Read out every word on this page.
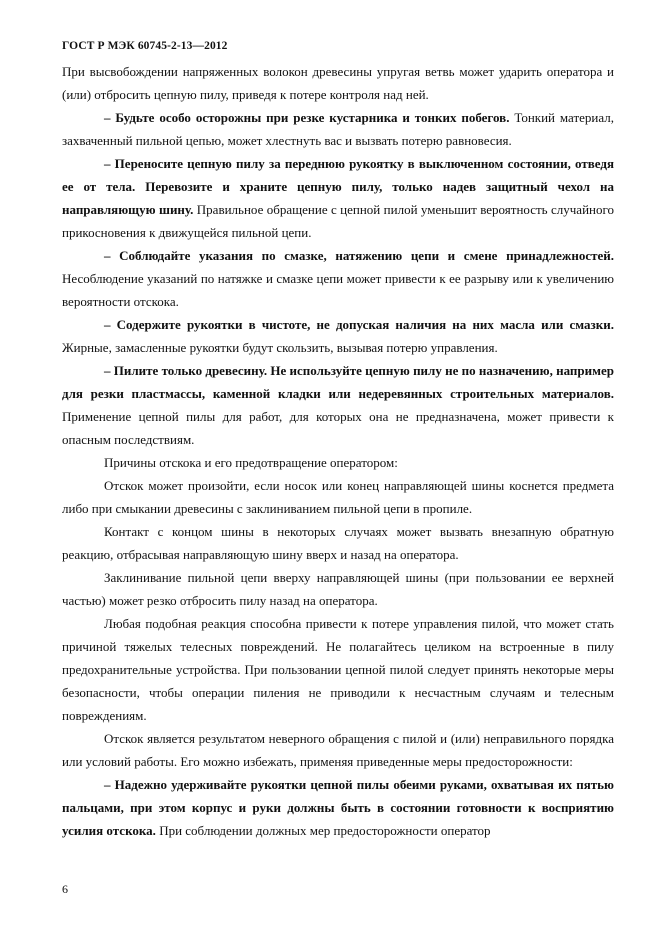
ГОСТ Р МЭК 60745-2-13—2012

При высвобождении напряженных волокон древесины упругая ветвь может ударить оператора и (или) отбросить цепную пилу, приведя к потере контроля над ней.

– Будьте особо осторожны при резке кустарника и тонких побегов. Тонкий материал, захваченный пильной цепью, может хлестнуть вас и вызвать потерю равновесия.

– Переносите цепную пилу за переднюю рукоятку в выключенном состоянии, отведя ее от тела. Перевозите и храните цепную пилу, только надев защитный чехол на направляющую шину. Правильное обращение с цепной пилой уменьшит вероятность случайного прикосновения к движущейся пильной цепи.

– Соблюдайте указания по смазке, натяжению цепи и смене принадлежностей. Несоблюдение указаний по натяжке и смазке цепи может привести к ее разрыву или к увеличению вероятности отскока.

– Содержите рукоятки в чистоте, не допуская наличия на них масла или смазки. Жирные, замасленные рукоятки будут скользить, вызывая потерю управления.

– Пилите только древесину. Не используйте цепную пилу не по назначению, например для резки пластмассы, каменной кладки или недеревянных строительных материалов. Применение цепной пилы для работ, для которых она не предназначена, может привести к опасным последствиям.

Причины отскока и его предотвращение оператором:

Отскок может произойти, если носок или конец направляющей шины коснется предмета либо при смыкании древесины с заклиниванием пильной цепи в пропиле.

Контакт с концом шины в некоторых случаях может вызвать внезапную обратную реакцию, отбрасывая направляющую шину вверх и назад на оператора.

Заклинивание пильной цепи вверху направляющей шины (при пользовании ее верхней частью) может резко отбросить пилу назад на оператора.

Любая подобная реакция способна привести к потере управления пилой, что может стать причиной тяжелых телесных повреждений. Не полагайтесь целиком на встроенные в пилу предохранительные устройства. При пользовании цепной пилой следует принять некоторые меры безопасности, чтобы операции пиления не приводили к несчастным случаям и телесным повреждениям.

Отскок является результатом неверного обращения с пилой и (или) неправильного порядка или условий работы. Его можно избежать, применяя приведенные меры предосторожности:

– Надежно удерживайте рукоятки цепной пилы обеими руками, охватывая их пятью пальцами, при этом корпус и руки должны быть в состоянии готовности к восприятию усилия отскока. При соблюдении должных мер предосторожности оператор

6
